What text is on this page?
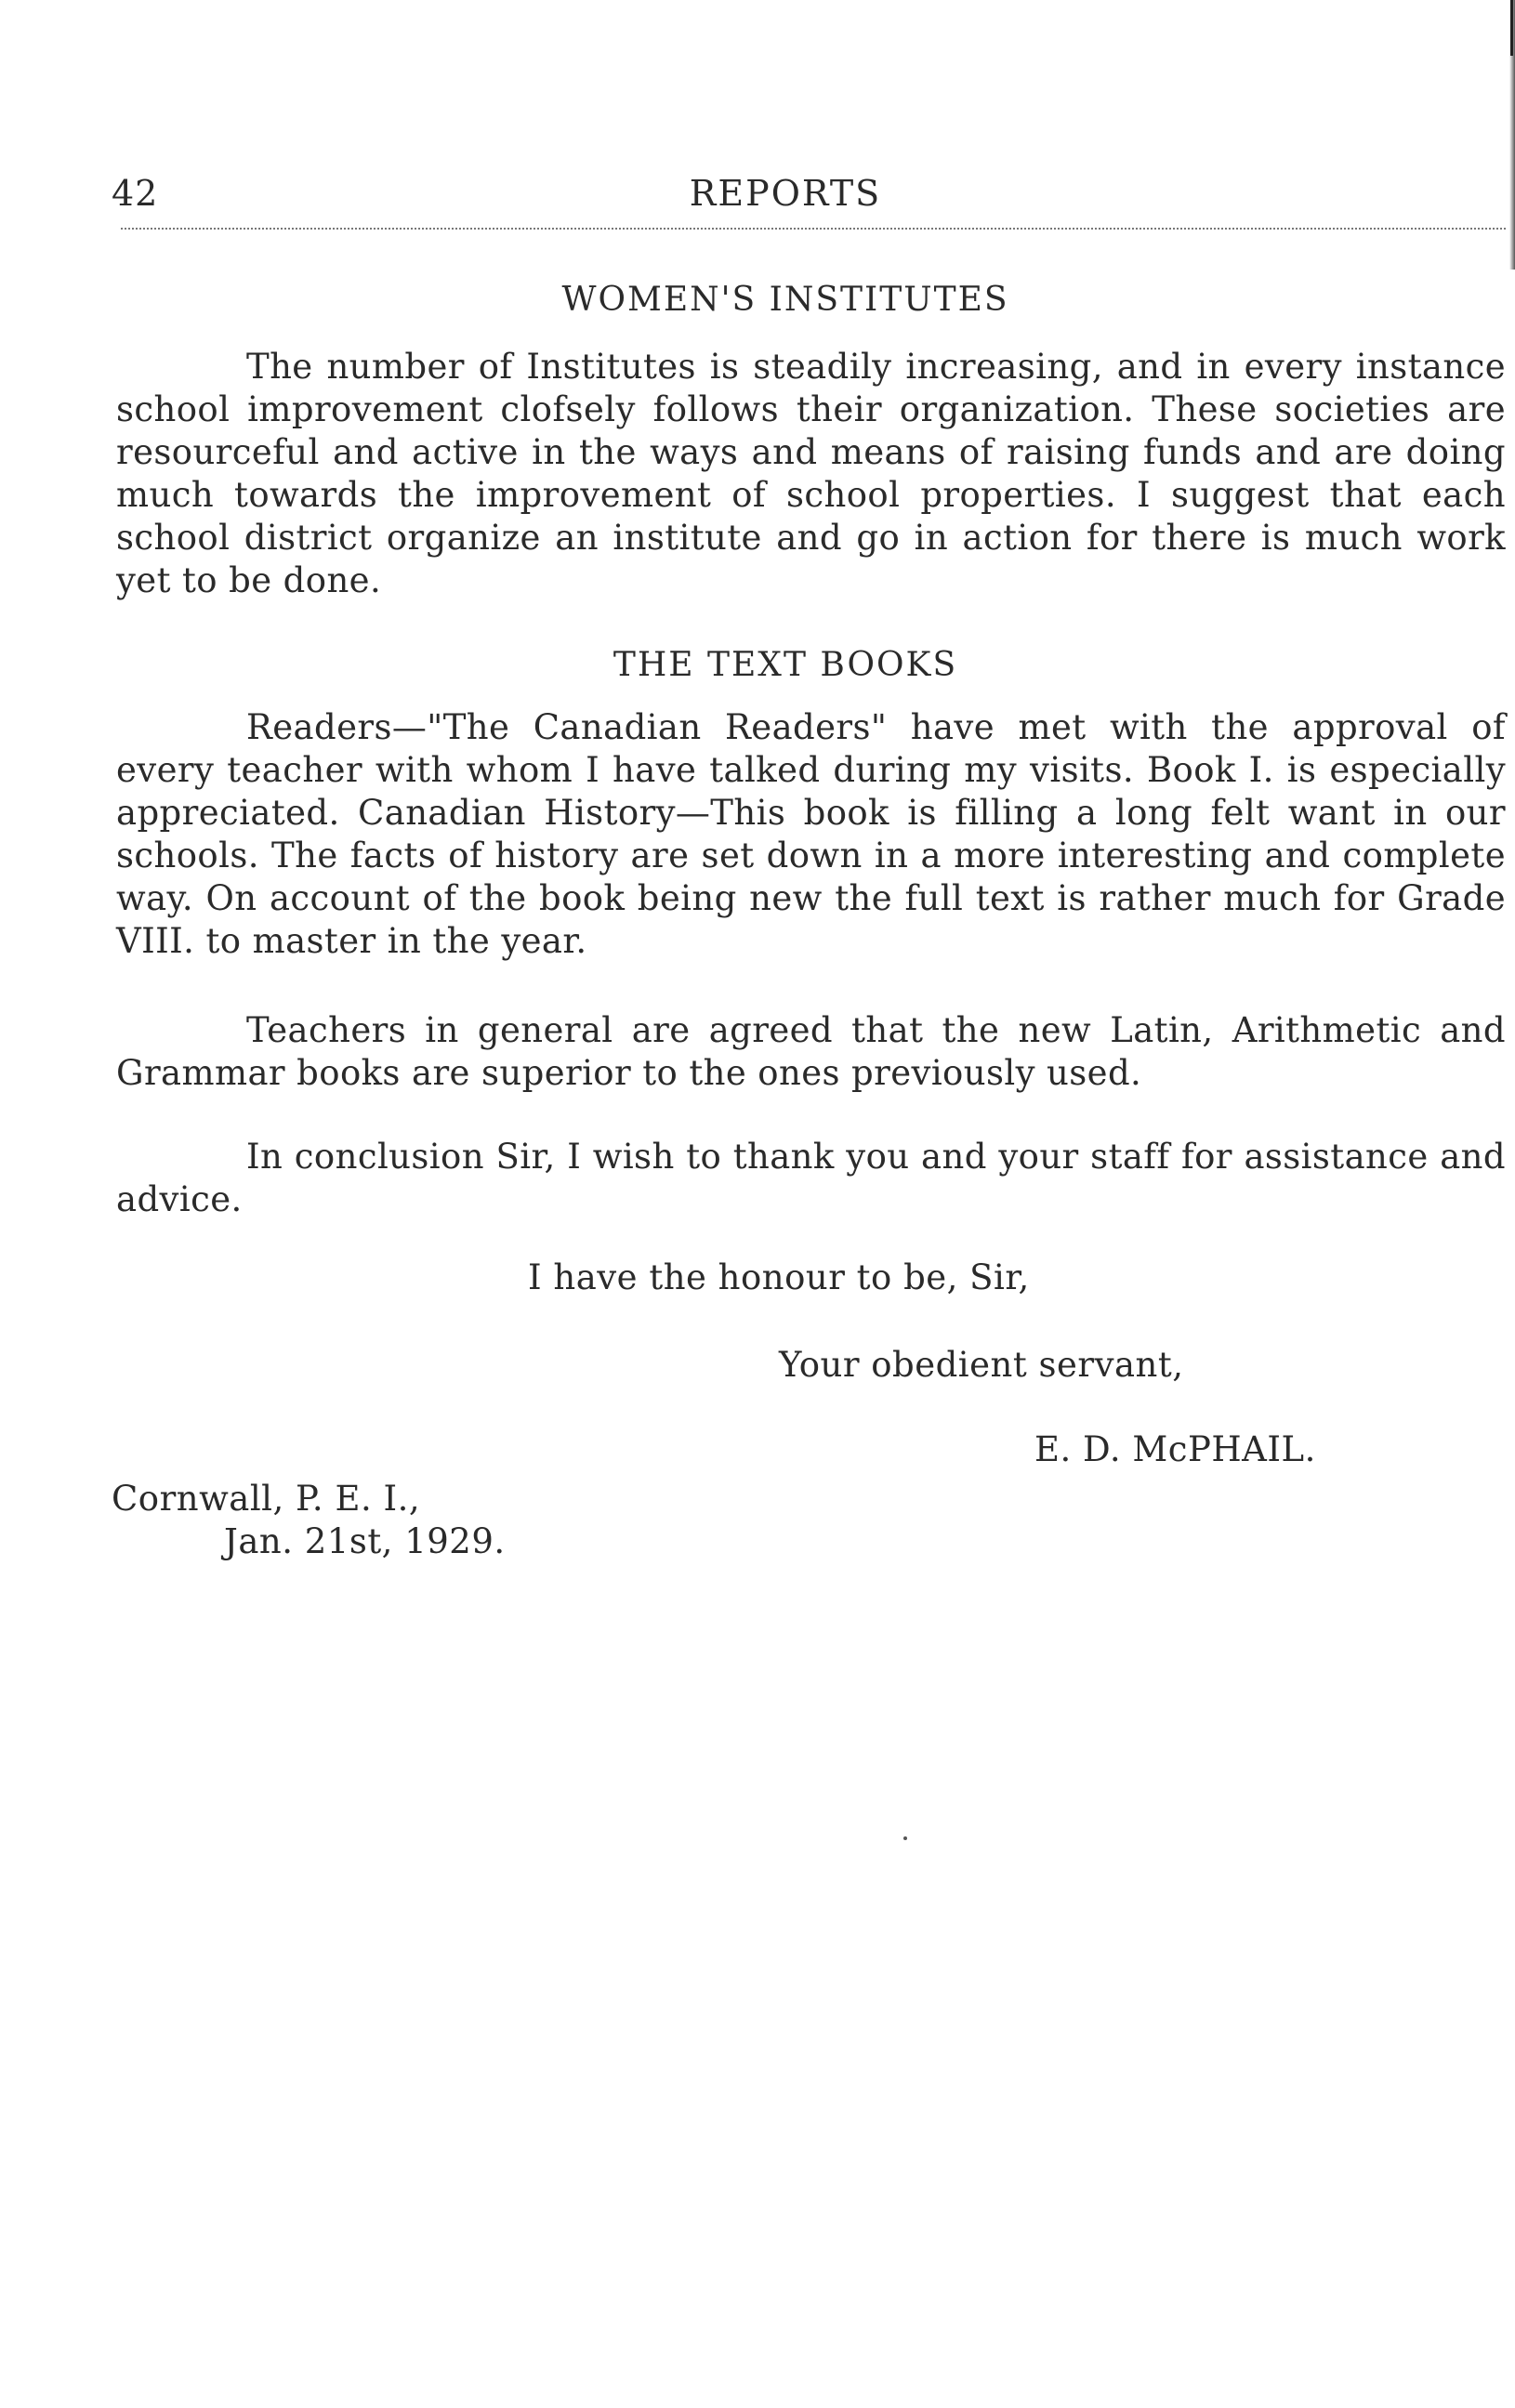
42	REPORTS
WOMEN'S INSTITUTES

The number of Institutes is steadily increasing, and in every instance school improvement clofsely follows their organization. These societies are resourceful and active in the ways and means of raising funds and are doing much towards the improvement of school properties. I suggest that each school district organize an institute and go in action for there is much work yet to be done.

THE TEXT BOOKS

Readers—"The Canadian Readers" have met with the approval of every teacher with whom I have talked during my visits. Book I. is especially appreciated. Canadian History—This book is filling a long felt want in our schools. The facts of history are set down in a more interesting and complete way. On account of the book being new the full text is rather much for Grade VIII. to master in the year.

Teachers in general are agreed that the new Latin, Arithmetic and Grammar books are superior to the ones previously used.

In conclusion Sir, I wish to thank you and your staff for assistance and advice.

I have the honour to be, Sir,
Your obedient servant,
E. D. McPHAIL.
Cornwall, P. E. I.,
Jan. 21st, 1929.
